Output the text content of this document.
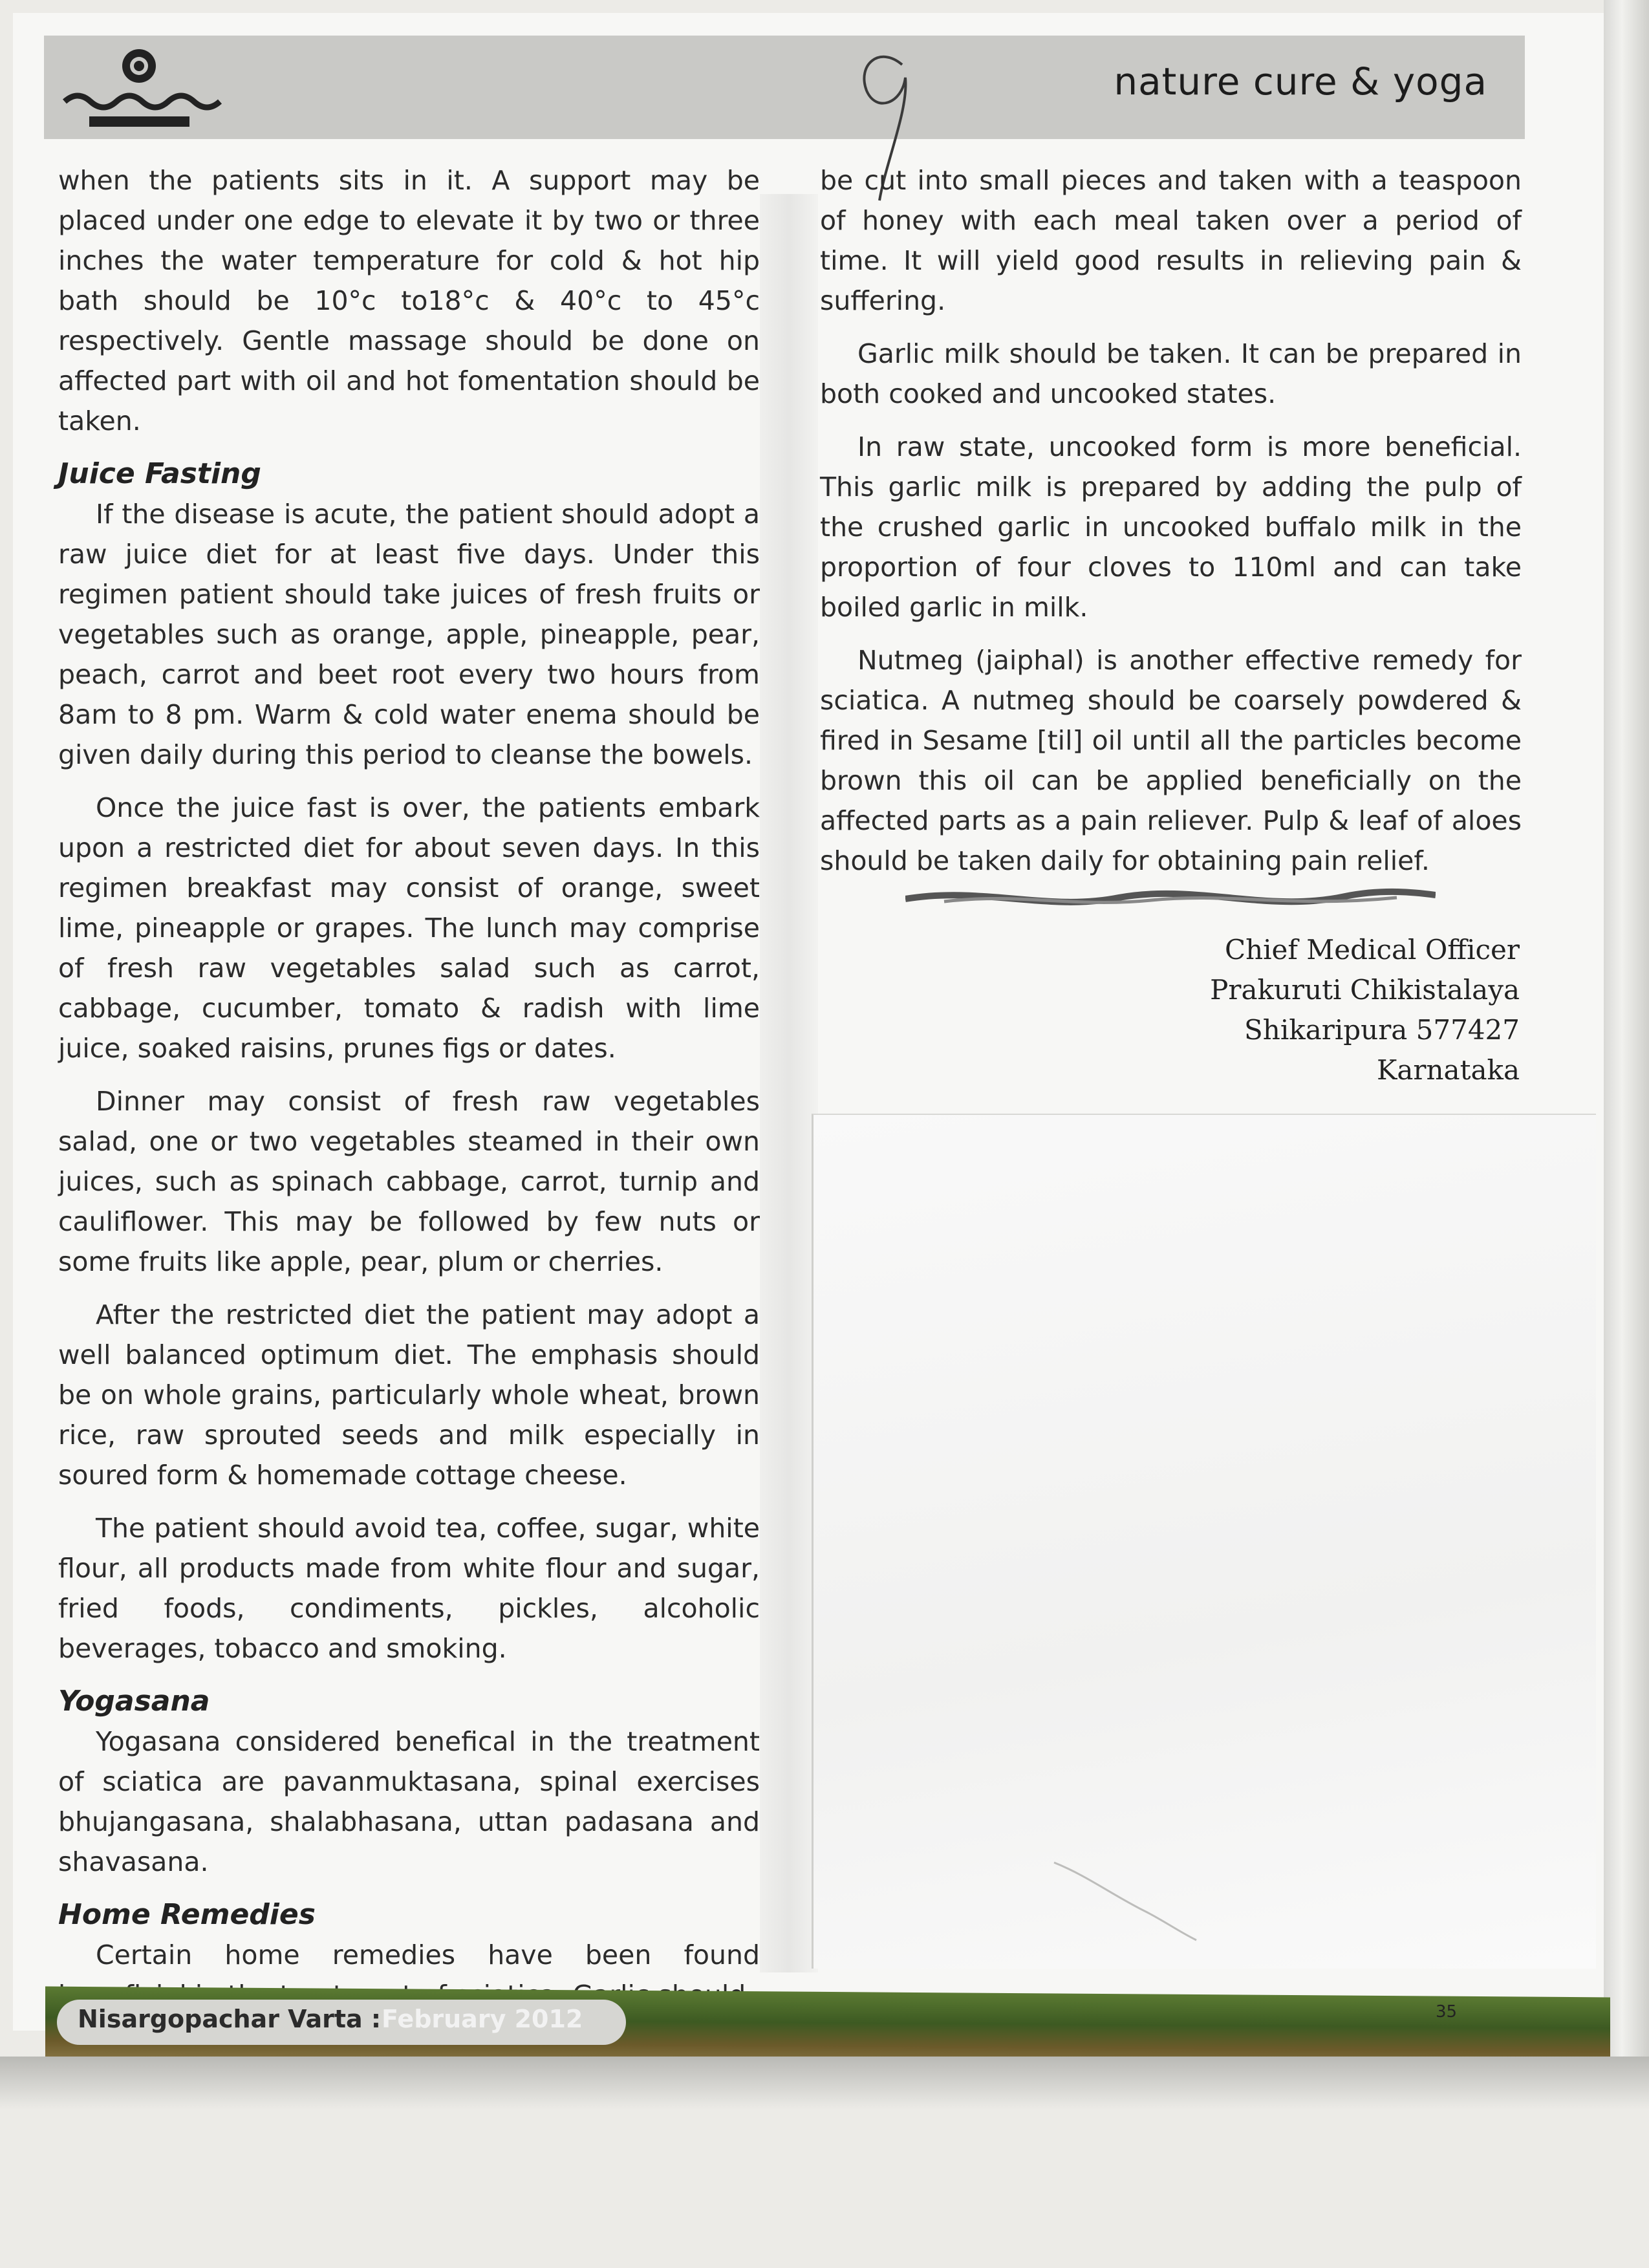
nature cure & yoga

when the patients sits in it. A support may be placed under one edge to elevate it by two or three inches the water temperature for cold & hot hip bath should be 10°c to18°c & 40°c to 45°c respectively. Gentle massage should be done on affected part with oil and hot fomentation should be taken.

Juice Fasting

If the disease is acute, the patient should adopt a raw juice diet for at least five days. Under this regimen patient should take juices of fresh fruits or vegetables such as orange, apple, pineapple, pear, peach, carrot and beet root every two hours from 8am to 8 pm. Warm & cold water enema should be given daily during this period to cleanse the bowels.

Once the juice fast is over, the patients embark upon a restricted diet for about seven days. In this regimen breakfast may consist of orange, sweet lime, pineapple or grapes. The lunch may comprise of fresh raw vegetables salad such as carrot, cabbage, cucumber, tomato & radish with lime juice, soaked raisins, prunes figs or dates.

Dinner may consist of fresh raw vegetables salad, one or two vegetables steamed in their own juices, such as spinach cabbage, carrot, turnip and cauliflower. This may be followed by few nuts or some fruits like apple, pear, plum or cherries.

After the restricted diet the patient may adopt a well balanced optimum diet. The emphasis should be on whole grains, particularly whole wheat, brown rice, raw sprouted seeds and milk especially in soured form & homemade cottage cheese.

The patient should avoid tea, coffee, sugar, white flour, all products made from white flour and sugar, fried foods, condiments, pickles, alcoholic beverages, tobacco and smoking.

Yogasana

Yogasana considered benefical in the treatment of sciatica are pavanmuktasana, spinal exercises bhujangasana, shalabhasana, uttan padasana and shavasana.

Home Remedies

Certain home remedies have been found

be cut into small pieces and taken with a teaspoon of honey with each meal taken over a period of time. It will yield good results in relieving pain & suffering.

Garlic milk should be taken. It can be prepared in both cooked and uncooked states.

In raw state, uncooked form is more beneficial. This garlic milk is prepared by adding the pulp of the crushed garlic in uncooked buffalo milk in the proportion of four cloves to 110ml and can take boiled garlic in milk.

Nutmeg (jaiphal) is another effective remedy for sciatica. A nutmeg should be coarsely powdered & fired in Sesame [til] oil until all the particles become brown this oil can be applied beneficially on the affected parts as a pain reliever. Pulp & leaf of aloes should be taken daily for obtaining pain relief.

Chief Medical Officer
Prakuruti Chikistalaya
Shikaripura 577427
Karnataka
Nisargopachar Varta : February 2012	35
